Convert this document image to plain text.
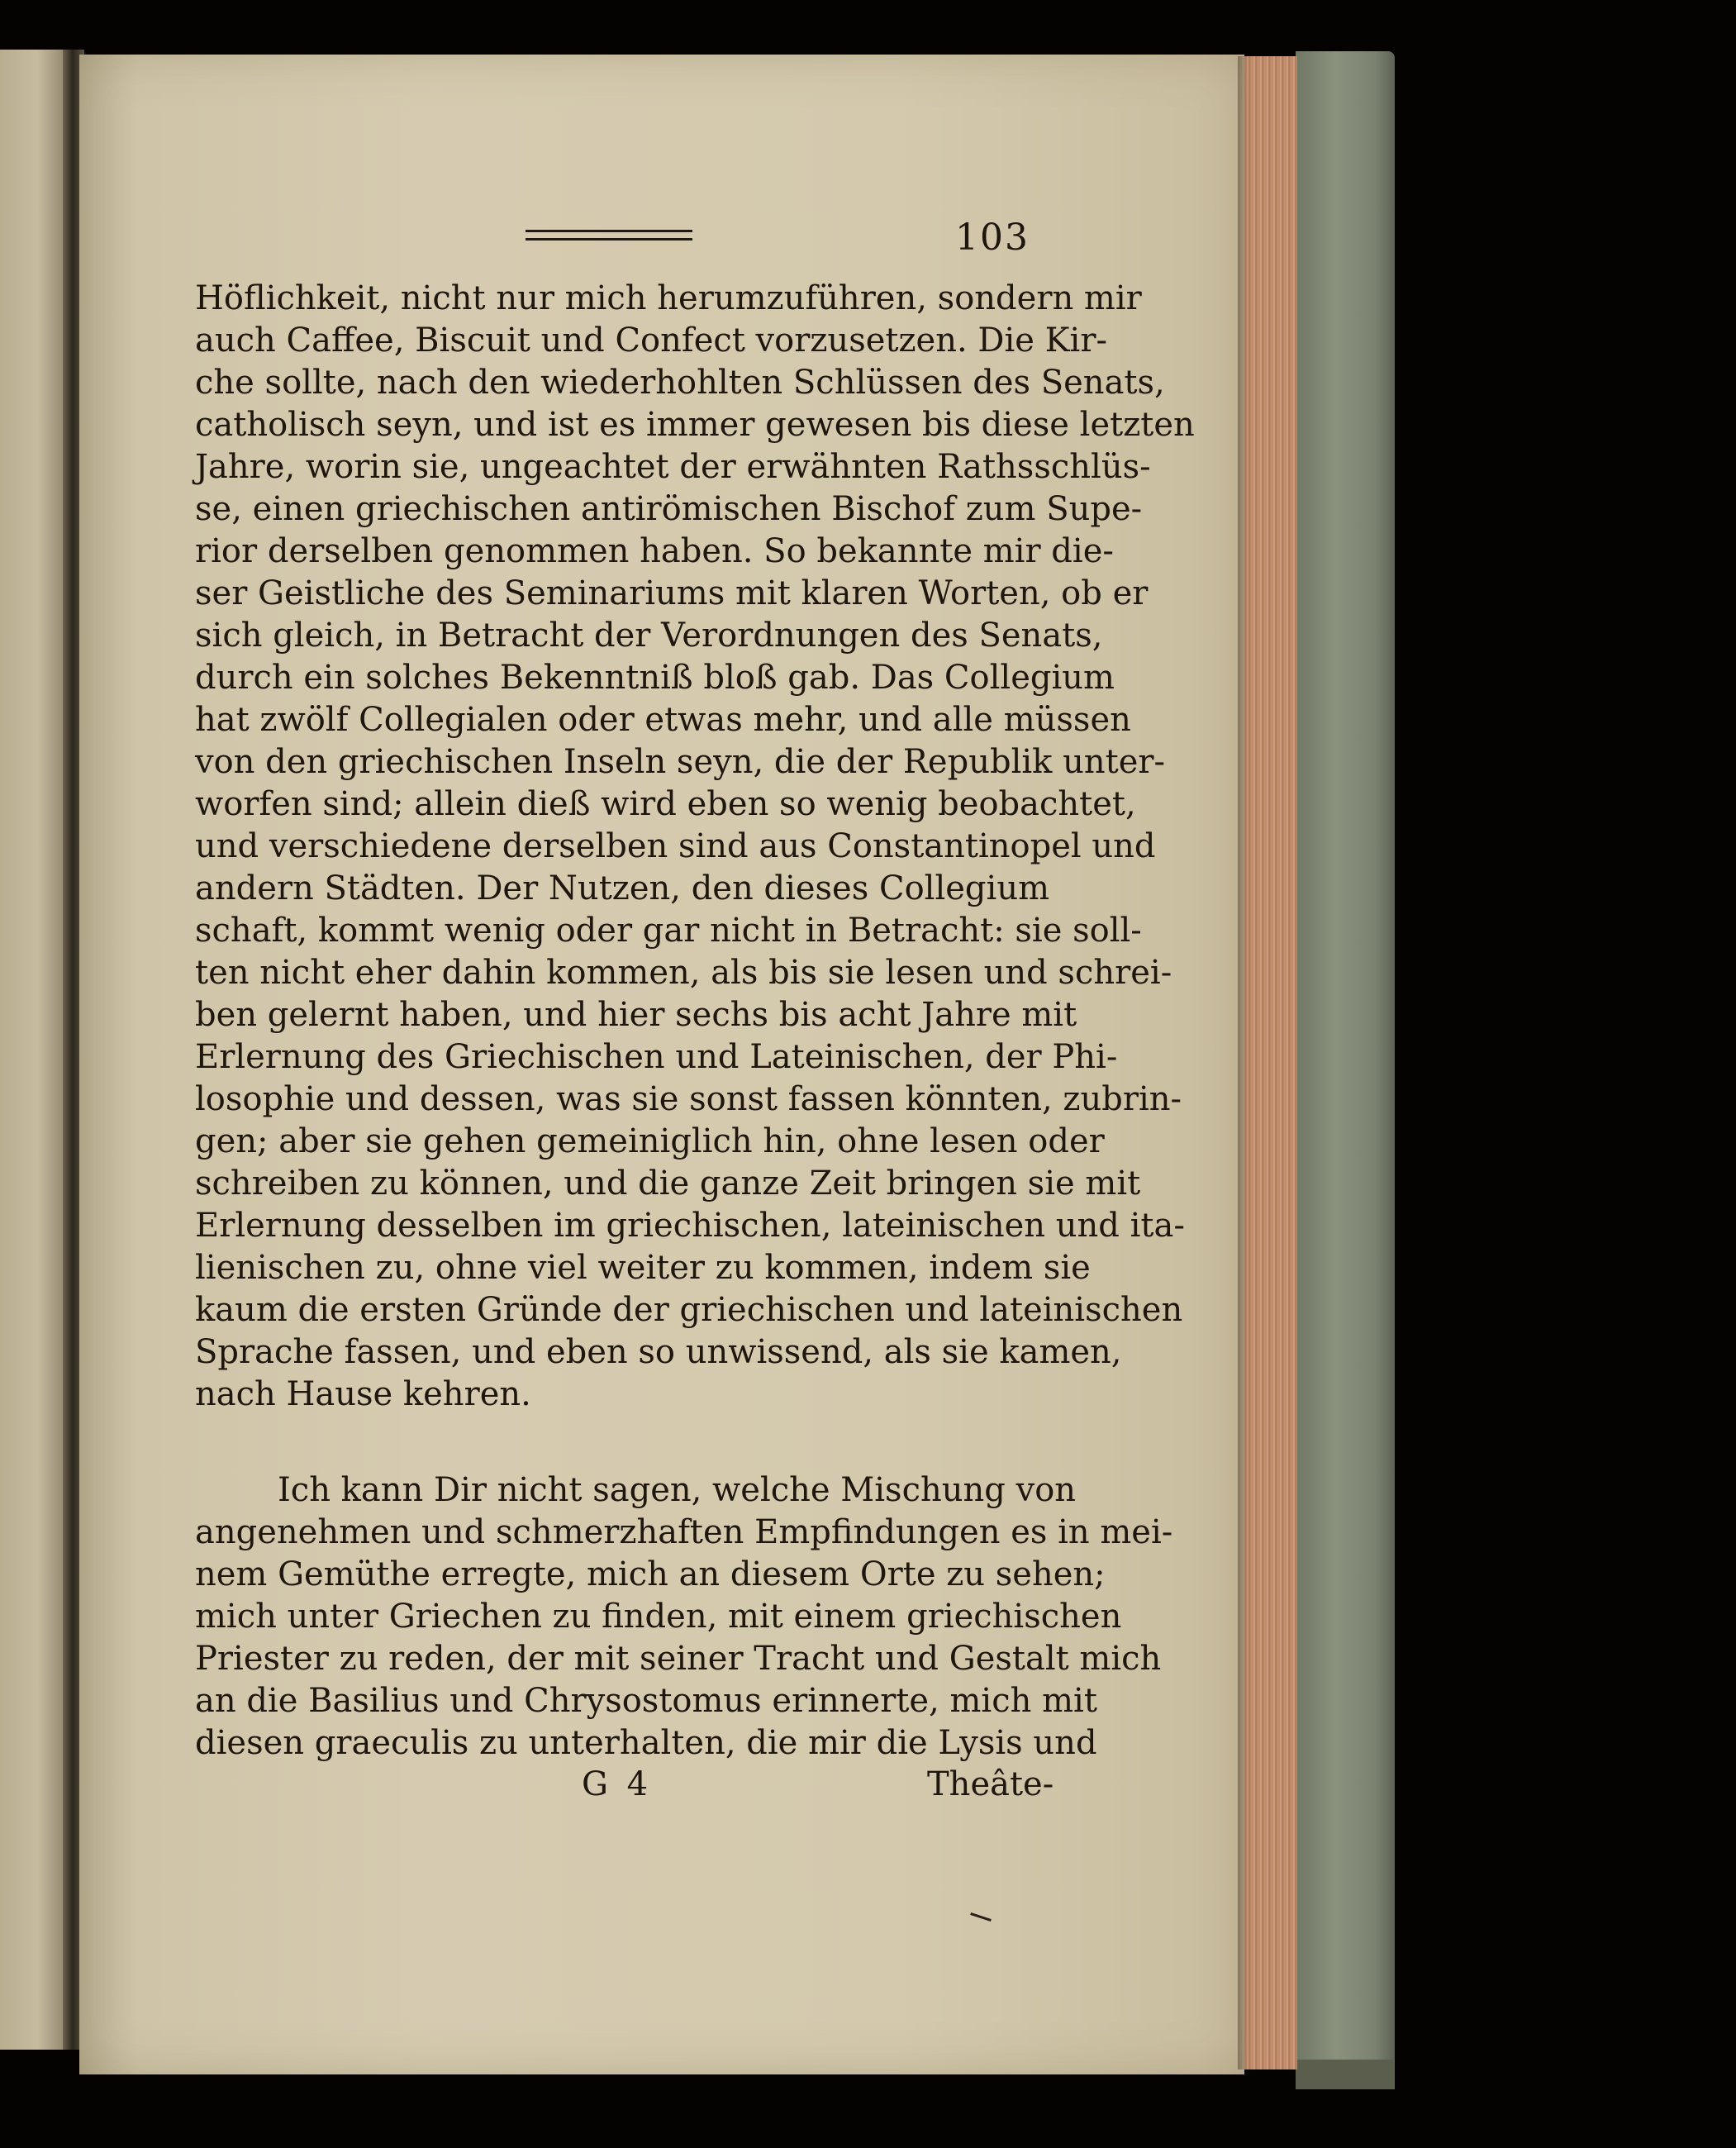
103
Höflichkeit, nicht nur mich herumzuführen, sondern mir
auch Caffee, Biscuit und Confect vorzusetzen. Die Kir-
che sollte, nach den wiederhohlten Schlüssen des Senats,
catholisch seyn, und ist es immer gewesen bis diese letzten
Jahre, worin sie, ungeachtet der erwähnten Rathsschlüs-
se, einen griechischen antirömischen Bischof zum Supe-
rior derselben genommen haben. So bekannte mir die-
ser Geistliche des Seminariums mit klaren Worten, ob er
sich gleich, in Betracht der Verordnungen des Senats,
durch ein solches Bekenntniß bloß gab. Das Collegium
hat zwölf Collegialen oder etwas mehr, und alle müssen
von den griechischen Inseln seyn, die der Republik unter-
worfen sind; allein dieß wird eben so wenig beobachtet,
und verschiedene derselben sind aus Constantinopel und
andern Städten. Der Nutzen, den dieses Collegium
schaft, kommt wenig oder gar nicht in Betracht: sie soll-
ten nicht eher dahin kommen, als bis sie lesen und schrei-
ben gelernt haben, und hier sechs bis acht Jahre mit
Erlernung des Griechischen und Lateinischen, der Phi-
losophie und dessen, was sie sonst fassen könnten, zubrin-
gen; aber sie gehen gemeiniglich hin, ohne lesen oder
schreiben zu können, und die ganze Zeit bringen sie mit
Erlernung desselben im griechischen, lateinischen und ita-
lienischen zu, ohne viel weiter zu kommen, indem sie
kaum die ersten Gründe der griechischen und lateinischen
Sprache fassen, und eben so unwissend, als sie kamen,
nach Hause kehren.
Ich kann Dir nicht sagen, welche Mischung von
angenehmen und schmerzhaften Empfindungen es in mei-
nem Gemüthe erregte, mich an diesem Orte zu sehen;
mich unter Griechen zu finden, mit einem griechischen
Priester zu reden, der mit seiner Tracht und Gestalt mich
an die Basilius und Chrysostomus erinnerte, mich mit
diesen graeculis zu unterhalten, die mir die Lysis und
G 4	Theâte-
